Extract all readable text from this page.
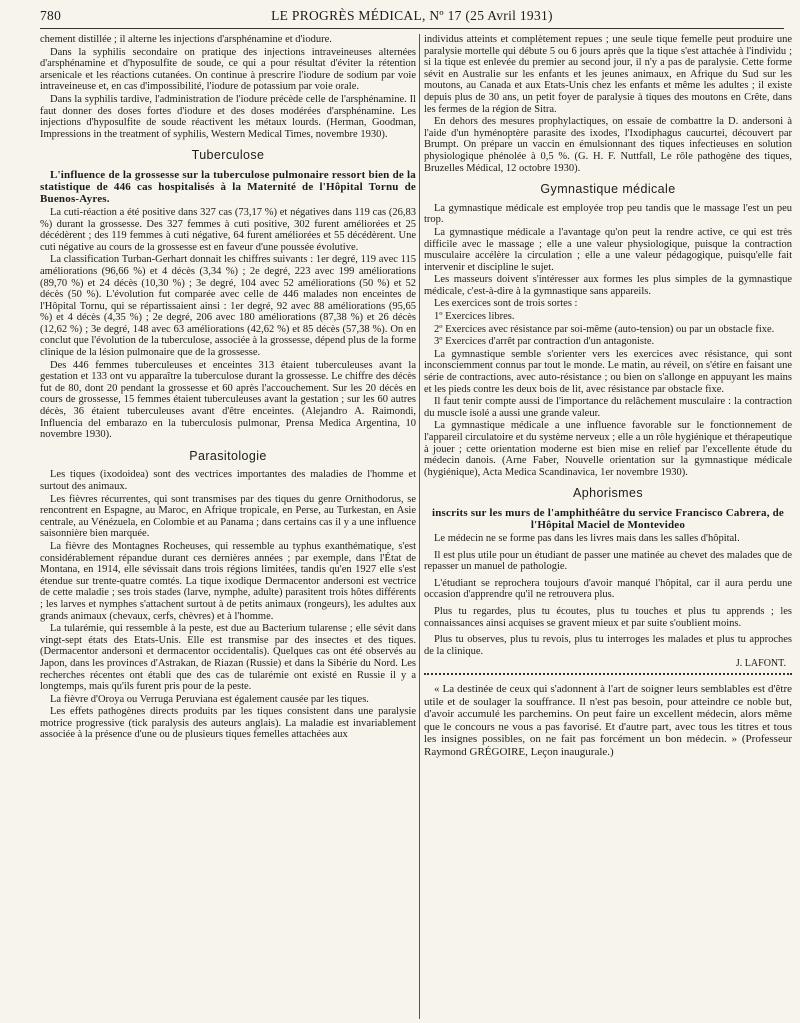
780	LE PROGRÈS MÉDICAL, Nº 17 (25 Avril 1931)

chement distillée ; il alterne les injections d'arsphénamine et d'iodure.

Dans la syphilis secondaire on pratique des injections intraveineuses alternées d'arsphénamine et d'hyposulfite de soude, ce qui a pour résultat d'éviter la rétention arsenicale et les réactions cutanées. On continue à prescrire l'iodure de sodium par voie intraveineuse et, en cas d'impossibilité, l'iodure de potassium par voie orale.

Dans la syphilis tardive, l'administration de l'iodure précède celle de l'arsphénamine. Il faut donner des doses fortes d'iodure et des doses modérées d'arsphénamine. Les injections d'hyposulfite de soude réactivent les métaux lourds. (Herman, Goodman, Impressions in the treatment of syphilis, Western Medical Times, novembre 1930).

Tuberculose

L'influence de la grossesse sur la tuberculose pulmonaire ressort bien de la statistique de 446 cas hospitalisés à la Maternité de l'Hôpital Tornu de Buenos-Ayres.

La cuti-réaction a été positive dans 327 cas (73,17 %) et négatives dans 119 cas (26,83 %) durant la grossesse. Des 327 femmes à cuti positive, 302 furent améliorées et 25 décédèrent ; des 119 femmes à cuti négative, 64 furent améliorées et 55 décédèrent. Une cuti négative au cours de la grossesse est en faveur d'une poussée évolutive.

La classification Turban-Gerhart donnait les chiffres suivants : 1er degré, 119 avec 115 améliorations (96,66 %) et 4 décès (3,34 %) ; 2e degré, 223 avec 199 améliorations (89,70 %) et 24 décès (10,30 %) ; 3e degré, 104 avec 52 améliorations (50 %) et 52 décès (50 %). L'évolution fut comparée avec celle de 446 malades non enceintes de l'Hôpital Tornu, qui se répartissaient ainsi : 1er degré, 92 avec 88 améliorations (95,65 %) et 4 décès (4,35 %) ; 2e degré, 206 avec 180 améliorations (87,38 %) et 26 décès (12,62 %) ; 3e degré, 148 avec 63 améliorations (42,62 %) et 85 décès (57,38 %). On en conclut que l'évolution de la tuberculose, associée à la grossesse, dépend plus de la forme clinique de la lésion pulmonaire que de la grossesse.

Des 446 femmes tuberculeuses et enceintes 313 étaient tuberculeuses avant la gestation et 133 ont vu apparaître la tuberculose durant la grossesse. Le chiffre des décès fut de 80, dont 20 pendant la grossesse et 60 après l'accouchement. Sur les 20 décès en cours de grossesse, 15 femmes étaient tuberculeuses avant la gestation ; sur les 60 autres décès, 36 étaient tuberculeuses avant d'être enceintes. (Alejandro A. Raimondi, Influencia del embarazo en la tuberculosis pulmonar, Prensa Medica Argentina, 10 novembre 1930).

Parasitologie

Les tiques (ixodoidea) sont des vectrices importantes des maladies de l'homme et surtout des animaux.

Les fièvres récurrentes, qui sont transmises par des tiques du genre Ornithodorus, se rencontrent en Espagne, au Maroc, en Afrique tropicale, en Perse, au Turkestan, en Asie centrale, au Vénézuela, en Colombie et au Panama ; dans certains cas il y a une influence saisonnière bien marquée.

La fièvre des Montagnes Rocheuses, qui ressemble au typhus exanthématique, s'est considérablement répandue durant ces dernières années ; par exemple, dans l'État de Montana, en 1914, elle sévissait dans trois régions limitées, tandis qu'en 1927 elle s'est étendue sur trente-quatre comtés. La tique ixodique Dermacentor andersoni est vectrice de cette maladie ; ses trois stades (larve, nymphe, adulte) parasitent trois hôtes différents ; les larves et nymphes s'attachent surtout à de petits animaux (rongeurs), les adultes aux grands animaux (chevaux, cerfs, chèvres) et à l'homme.

La tularémie, qui ressemble à la peste, est due au Bacterium tularense ; elle sévit dans vingt-sept états des Etats-Unis. Elle est transmise par des insectes et des tiques. (Dermacentor andersoni et dermacentor occidentalis). Quelques cas ont été observés au Japon, dans les provinces d'Astrakan, de Riazan (Russie) et dans la Sibérie du Nord. Les recherches récentes ont établi que des cas de tularémie ont existé en Russie il y a longtemps, mais qu'ils furent pris pour de la peste.

La fièvre d'Oroya ou Verruga Peruviana est également causée par les tiques.

Les effets pathogènes directs produits par les tiques consistent dans une paralysie motrice progressive (tick paralysis des auteurs anglais). La maladie est invariablement associée à la présence d'une ou de plusieurs tiques femelles attachées aux

individus atteints et complètement repues ; une seule tique femelle peut produire une paralysie mortelle qui débute 5 ou 6 jours après que la tique s'est attachée à l'individu ; si la tique est enlevée du premier au second jour, il n'y a pas de paralysie. Cette forme sévit en Australie sur les enfants et les jeunes animaux, en Afrique du Sud sur les moutons, au Canada et aux Etats-Unis chez les enfants et même les adultes ; il existe depuis plus de 30 ans, un petit foyer de paralysie à tiques des moutons en Crête, dans les fermes de la région de Sitra.

En dehors des mesures prophylactiques, on essaie de combattre la D. andersoni à l'aide d'un hyménoptère parasite des ixodes, l'Ixodiphagus caucurtei, découvert par Brumpt. On prépare un vaccin en émulsionnant des tiques infectieuses en solution physiologique phénolée à 0,5 %. (G. H. F. Nuttfall, Le rôle pathogène des tiques, Bruzelles Médical, 12 octobre 1930).

Gymnastique médicale

La gymnastique médicale est employée trop peu tandis que le massage l'est un peu trop.

La gymnastique médicale a l'avantage qu'on peut la rendre active, ce qui est très difficile avec le massage ; elle a une valeur physiologique, puisque la contraction musculaire accélère la circulation ; elle a une valeur pédagogique, puisqu'elle fait intervenir et discipline le sujet.

Les masseurs doivent s'intéresser aux formes les plus simples de la gymnastique médicale, c'est-à-dire à la gymnastique sans appareils.

Les exercices sont de trois sortes :

1º Exercices libres.

2º Exercices avec résistance par soi-même (auto-tension) ou par un obstacle fixe.

3º Exercices d'arrêt par contraction d'un antagoniste.

La gymnastique semble s'orienter vers les exercices avec résistance, qui sont inconsciemment connus par tout le monde. Le matin, au réveil, on s'étire en faisant une série de contractions, avec auto-résistance ; ou bien on s'allonge en appuyant les mains et les pieds contre les deux bois de lit, avec résistance par obstacle fixe.

Il faut tenir compte aussi de l'importance du relâchement musculaire : la contraction du muscle isolé a aussi une grande valeur.

La gymnastique médicale a une influence favorable sur le fonctionnement de l'appareil circulatoire et du système nerveux ; elle a un rôle hygiénique et thérapeutique à jouer ; cette orientation moderne est bien mise en relief par l'excellente étude du médecin danois. (Arne Faber, Nouvelle orientation sur la gymnastique médicale (hygiénique), Acta Medica Scandinavica, 1er novembre 1930).

Aphorismes

inscrits sur les murs de l'amphithéâtre du service Francisco Cabrera, de l'Hôpital Maciel de Montevideo

Le médecin ne se forme pas dans les livres mais dans les salles d'hôpital.

Il est plus utile pour un étudiant de passer une matinée au chevet des malades que de repasser un manuel de pathologie.

L'étudiant se reprochera toujours d'avoir manqué l'hôpital, car il aura perdu une occasion d'apprendre qu'il ne retrouvera plus.

Plus tu regardes, plus tu écoutes, plus tu touches et plus tu apprends ; les connaissances ainsi acquises se gravent mieux et par suite s'oublient moins.

Plus tu observes, plus tu revois, plus tu interroges les malades et plus tu approches de la clinique.

J. LAFONT.

« La destinée de ceux qui s'adonnent à l'art de soigner leurs semblables est d'être utile et de soulager la souffrance. Il n'est pas besoin, pour atteindre ce noble but, d'avoir accumulé les parchemins. On peut faire un excellent médecin, alors même que le concours ne vous a pas favorisé. Et d'autre part, avec tous les titres et tous les insignes possibles, on ne fait pas forcément un bon médecin. » (Professeur Raymond GRÉGOIRE, Leçon inaugurale.)
